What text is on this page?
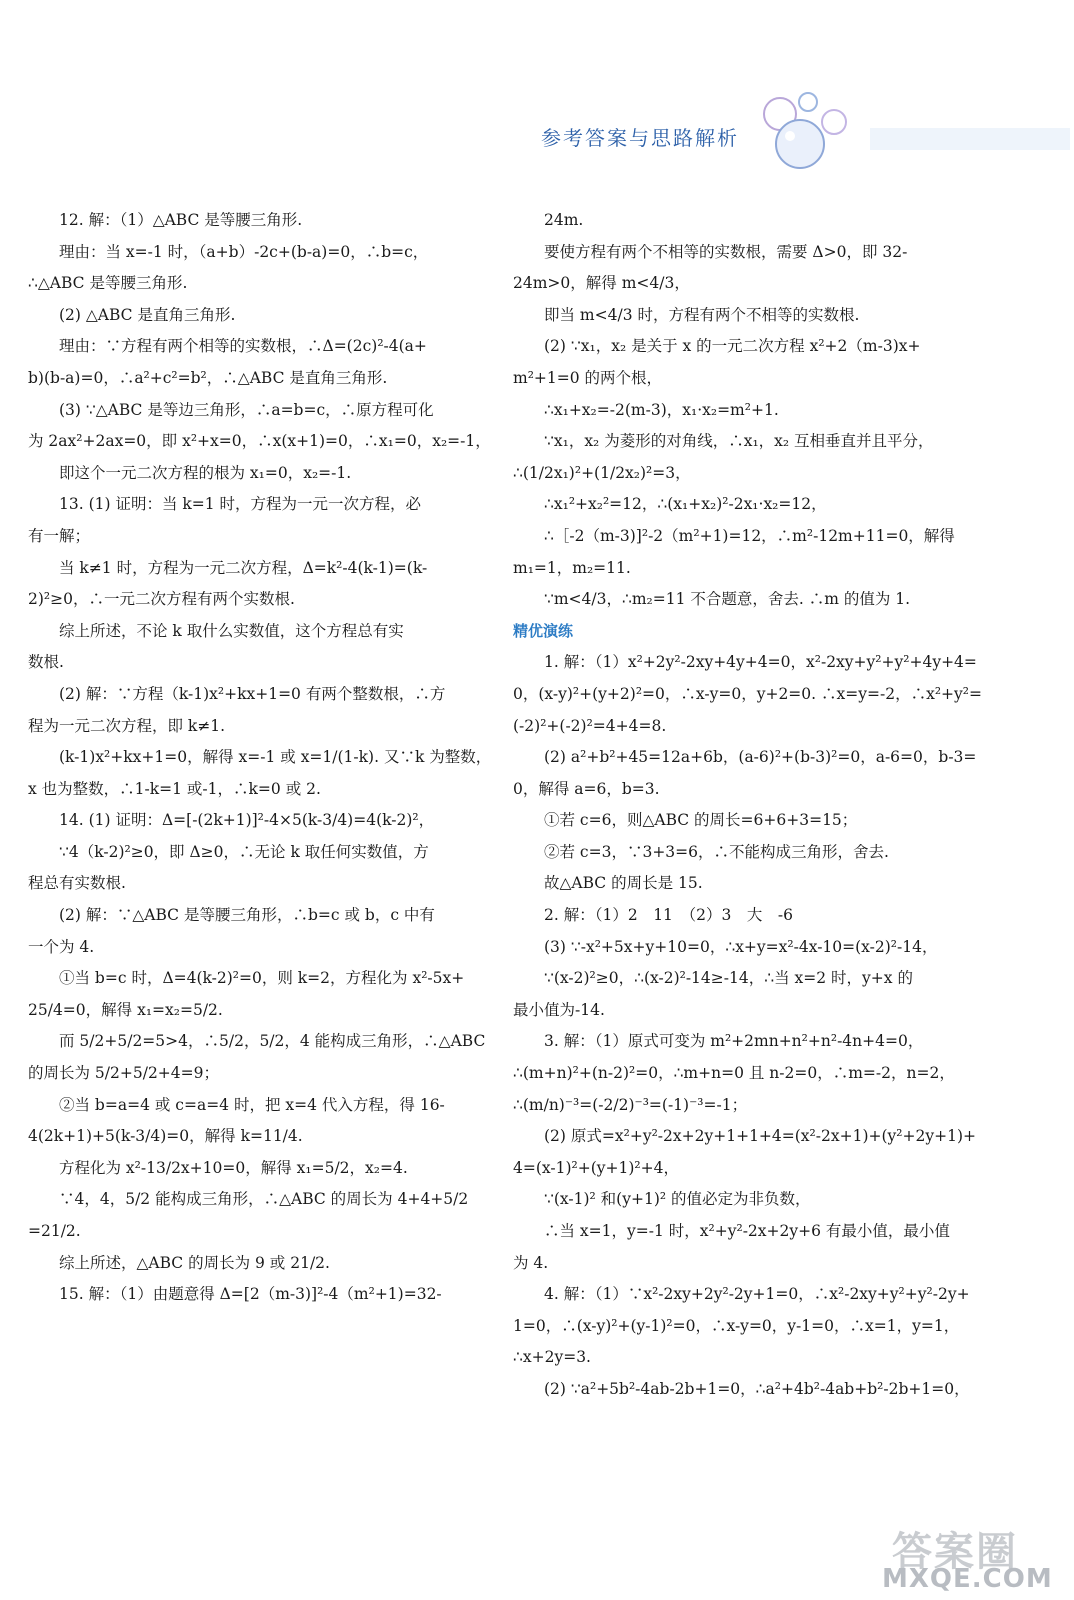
参考答案与思路解析

12. 解：（1）△ABC 是等腰三角形.

理由：当 x=-1 时，（a+b）-2c+(b-a)=0，∴b=c，

∴△ABC 是等腰三角形.

(2) △ABC 是直角三角形.

理由：∵方程有两个相等的实数根，∴Δ=(2c)²-4(a+

b)(b-a)=0，∴a²+c²=b²，∴△ABC 是直角三角形.

(3) ∵△ABC 是等边三角形，∴a=b=c，∴原方程可化

为 2ax²+2ax=0，即 x²+x=0，∴x(x+1)=0，∴x₁=0，x₂=-1，

即这个一元二次方程的根为 x₁=0，x₂=-1.

13. (1) 证明：当 k=1 时，方程为一元一次方程，必

有一解；

当 k≠1 时，方程为一元二次方程，Δ=k²-4(k-1)=(k-

2)²≥0，∴一元二次方程有两个实数根.

综上所述，不论 k 取什么实数值，这个方程总有实

数根.

(2) 解：∵方程（k-1)x²+kx+1=0 有两个整数根，∴方

程为一元二次方程，即 k≠1.

(k-1)x²+kx+1=0，解得 x=-1 或 x=1/(1-k). 又∵k 为整数，

x 也为整数，∴1-k=1 或-1，∴k=0 或 2.

14. (1) 证明：Δ=[-(2k+1)]²-4×5(k-3/4)=4(k-2)²，

∵4（k-2)²≥0，即 Δ≥0，∴无论 k 取任何实数值，方

程总有实数根.

(2) 解：∵△ABC 是等腰三角形，∴b=c 或 b，c 中有

一个为 4.

①当 b=c 时，Δ=4(k-2)²=0，则 k=2，方程化为 x²-5x+

25/4=0，解得 x₁=x₂=5/2.

而 5/2+5/2=5>4，∴5/2，5/2，4 能构成三角形，∴△ABC

的周长为 5/2+5/2+4=9；

②当 b=a=4 或 c=a=4 时，把 x=4 代入方程，得 16-

4(2k+1)+5(k-3/4)=0，解得 k=11/4.

方程化为 x²-13/2x+10=0，解得 x₁=5/2，x₂=4.

∵4，4，5/2 能构成三角形，∴△ABC 的周长为 4+4+5/2

=21/2.

综上所述，△ABC 的周长为 9 或 21/2.

15. 解：（1）由题意得 Δ=[2（m-3)]²-4（m²+1)=32-

24m.

要使方程有两个不相等的实数根，需要 Δ>0，即 32-

24m>0，解得 m<4/3，

即当 m<4/3 时，方程有两个不相等的实数根.

(2) ∵x₁，x₂ 是关于 x 的一元二次方程 x²+2（m-3)x+

m²+1=0 的两个根，

∴x₁+x₂=-2(m-3)，x₁·x₂=m²+1.

∵x₁，x₂ 为菱形的对角线，∴x₁，x₂ 互相垂直并且平分，

∴(1/2x₁)²+(1/2x₂)²=3，

∴x₁²+x₂²=12，∴(x₁+x₂)²-2x₁·x₂=12，

∴［-2（m-3)]²-2（m²+1)=12，∴m²-12m+11=0，解得

m₁=1，m₂=11.

∵m<4/3，∴m₂=11 不合题意，舍去. ∴m 的值为 1.

精优演练

1. 解：（1）x²+2y²-2xy+4y+4=0，x²-2xy+y²+y²+4y+4=

0，(x-y)²+(y+2)²=0，∴x-y=0，y+2=0. ∴x=y=-2，∴x²+y²=

(-2)²+(-2)²=4+4=8.

(2) a²+b²+45=12a+6b，(a-6)²+(b-3)²=0，a-6=0，b-3=

0，解得 a=6，b=3.

①若 c=6，则△ABC 的周长=6+6+3=15；

②若 c=3，∵3+3=6，∴不能构成三角形，舍去.

故△ABC 的周长是 15.

2. 解：（1）2　11　（2）3　大　-6

(3) ∵-x²+5x+y+10=0，∴x+y=x²-4x-10=(x-2)²-14，

∵(x-2)²≥0，∴(x-2)²-14≥-14，∴当 x=2 时，y+x 的

最小值为-14.

3. 解：（1）原式可变为 m²+2mn+n²+n²-4n+4=0，

∴(m+n)²+(n-2)²=0，∴m+n=0 且 n-2=0，∴m=-2，n=2，

∴(m/n)⁻³=(-2/2)⁻³=(-1)⁻³=-1；

(2) 原式=x²+y²-2x+2y+1+1+4=(x²-2x+1)+(y²+2y+1)+

4=(x-1)²+(y+1)²+4，

∵(x-1)² 和(y+1)² 的值必定为非负数，

∴当 x=1，y=-1 时，x²+y²-2x+2y+6 有最小值，最小值

为 4.

4. 解：（1）∵x²-2xy+2y²-2y+1=0，∴x²-2xy+y²+y²-2y+

1=0，∴(x-y)²+(y-1)²=0，∴x-y=0，y-1=0，∴x=1，y=1，

∴x+2y=3.

(2) ∵a²+5b²-4ab-2b+1=0，∴a²+4b²-4ab+b²-2b+1=0，

答案圈
MXQE.COM
